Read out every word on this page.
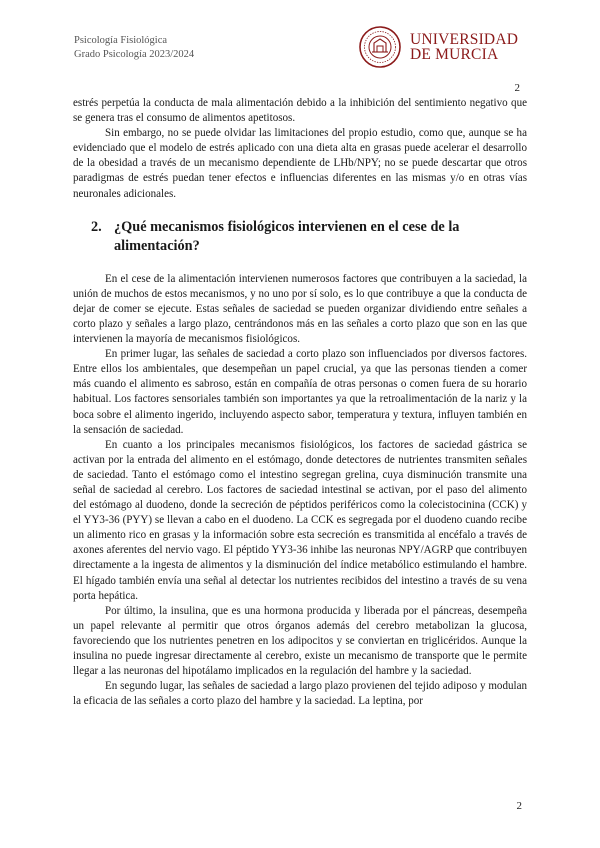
Psicología Fisiológica
Grado Psicología 2023/2024
UNIVERSIDAD
DE MURCIA
2

estrés perpetúa la conducta de mala alimentación debido a la inhibición del sentimiento negativo que se genera tras el consumo de alimentos apetitosos.

Sin embargo, no se puede olvidar las limitaciones del propio estudio, como que, aunque se ha evidenciado que el modelo de estrés aplicado con una dieta alta en grasas puede acelerar el desarrollo de la obesidad a través de un mecanismo dependiente de LHb/NPY; no se puede descartar que otros paradigmas de estrés puedan tener efectos e influencias diferentes en las mismas y/o en otras vías neuronales adicionales.

2. ¿Qué mecanismos fisiológicos intervienen en el cese de la alimentación?

En el cese de la alimentación intervienen numerosos factores que contribuyen a la saciedad, la unión de muchos de estos mecanismos, y no uno por sí solo, es lo que contribuye a que la conducta de dejar de comer se ejecute. Estas señales de saciedad se pueden organizar dividiendo entre señales a corto plazo y señales a largo plazo, centrándonos más en las señales a corto plazo que son en las que intervienen la mayoría de mecanismos fisiológicos.

En primer lugar, las señales de saciedad a corto plazo son influenciados por diversos factores. Entre ellos los ambientales, que desempeñan un papel crucial, ya que las personas tienden a comer más cuando el alimento es sabroso, están en compañía de otras personas o comen fuera de su horario habitual. Los factores sensoriales también son importantes ya que la retroalimentación de la nariz y la boca sobre el alimento ingerido, incluyendo aspecto sabor, temperatura y textura, influyen también en la sensación de saciedad.

En cuanto a los principales mecanismos fisiológicos, los factores de saciedad gástrica se activan por la entrada del alimento en el estómago, donde detectores de nutrientes transmiten señales de saciedad. Tanto el estómago como el intestino segregan grelina, cuya disminución transmite una señal de saciedad al cerebro. Los factores de saciedad intestinal se activan, por el paso del alimento del estómago al duodeno, donde la secreción de péptidos periféricos como la colecistocinina (CCK) y el YY3-36 (PYY) se llevan a cabo en el duodeno. La CCK es segregada por el duodeno cuando recibe un alimento rico en grasas y la información sobre esta secreción es transmitida al encéfalo a través de axones aferentes del nervio vago. El péptido YY3-36 inhibe las neuronas NPY/AGRP que contribuyen directamente a la ingesta de alimentos y la disminución del índice metabólico estimulando el hambre. El hígado también envía una señal al detectar los nutrientes recibidos del intestino a través de su vena porta hepática.

Por último, la insulina, que es una hormona producida y liberada por el páncreas, desempeña un papel relevante al permitir que otros órganos además del cerebro metabolizan la glucosa, favoreciendo que los nutrientes penetren en los adipocitos y se conviertan en triglicéridos. Aunque la insulina no puede ingresar directamente al cerebro, existe un mecanismo de transporte que le permite llegar a las neuronas del hipotálamo implicados en la regulación del hambre y la saciedad.

En segundo lugar, las señales de saciedad a largo plazo provienen del tejido adiposo y modulan la eficacia de las señales a corto plazo del hambre y la saciedad. La leptina, por

2
